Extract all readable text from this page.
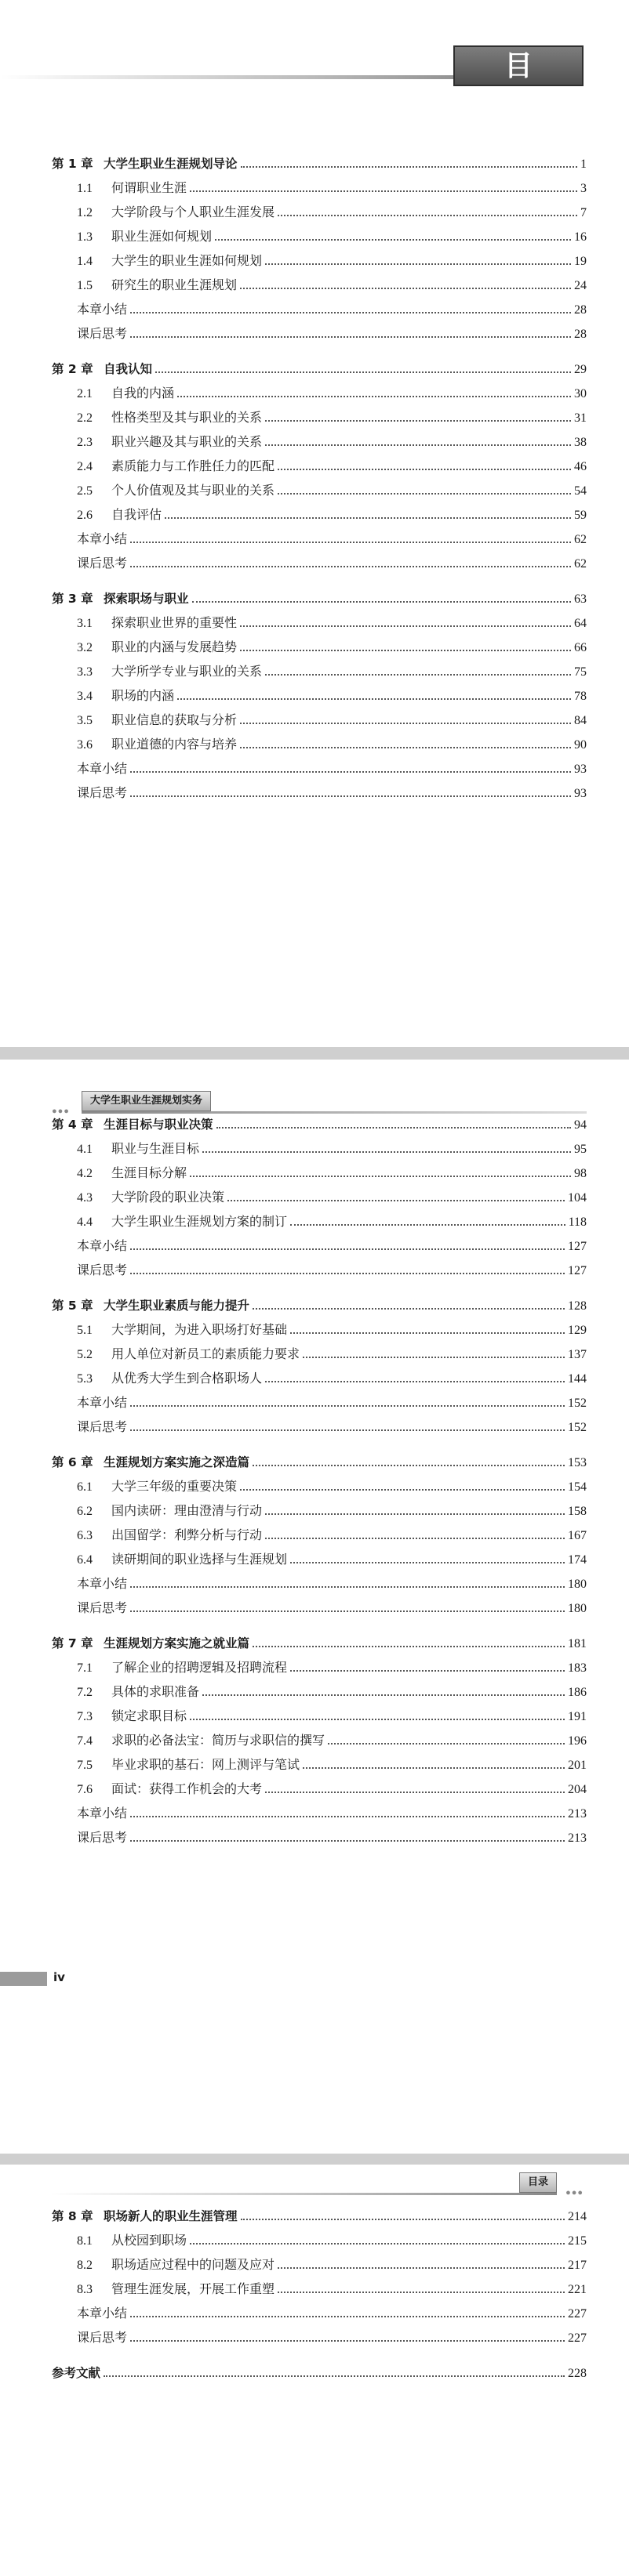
目 录
第 1 章 大学生职业生涯规划导论	1
1.1	何谓职业生涯	3
1.2	大学阶段与个人职业生涯发展	7
1.3	职业生涯如何规划	16
1.4	大学生的职业生涯如何规划	19
1.5	研究生的职业生涯规划	24
本章小结	28
课后思考	28
第 2 章 自我认知	29
2.1	自我的内涵	30
2.2	性格类型及其与职业的关系	31
2.3	职业兴趣及其与职业的关系	38
2.4	素质能力与工作胜任力的匹配	46
2.5	个人价值观及其与职业的关系	54
2.6	自我评估	59
本章小结	62
课后思考	62
第 3 章 探索职场与职业	63
3.1	探索职业世界的重要性	64
3.2	职业的内涵与发展趋势	66
3.3	大学所学专业与职业的关系	75
3.4	职场的内涵	78
3.5	职业信息的获取与分析	84
3.6	职业道德的内容与培养	90
本章小结	93
课后思考	93
●●●
大学生职业生涯规划实务
第 4 章 生涯目标与职业决策	94
4.1	职业与生涯目标	95
4.2	生涯目标分解	98
4.3	大学阶段的职业决策	104
4.4	大学生职业生涯规划方案的制订	118
本章小结	127
课后思考	127
第 5 章 大学生职业素质与能力提升	128
5.1	大学期间，为进入职场打好基础	129
5.2	用人单位对新员工的素质能力要求	137
5.3	从优秀大学生到合格职场人	144
本章小结	152
课后思考	152
第 6 章 生涯规划方案实施之深造篇	153
6.1	大学三年级的重要决策	154
6.2	国内读研：理由澄清与行动	158
6.3	出国留学：利弊分析与行动	167
6.4	读研期间的职业选择与生涯规划	174
本章小结	180
课后思考	180
第 7 章 生涯规划方案实施之就业篇	181
7.1	了解企业的招聘逻辑及招聘流程	183
7.2	具体的求职准备	186
7.3	锁定求职目标	191
7.4	求职的必备法宝：简历与求职信的撰写	196
7.5	毕业求职的基石：网上测评与笔试	201
7.6	面试：获得工作机会的大考	204
本章小结	213
课后思考	213
iv
目录
●●●
第 8 章 职场新人的职业生涯管理	214
8.1	从校园到职场	215
8.2	职场适应过程中的问题及应对	217
8.3	管理生涯发展，开展工作重塑	221
本章小结	227
课后思考	227
参考文献	228
